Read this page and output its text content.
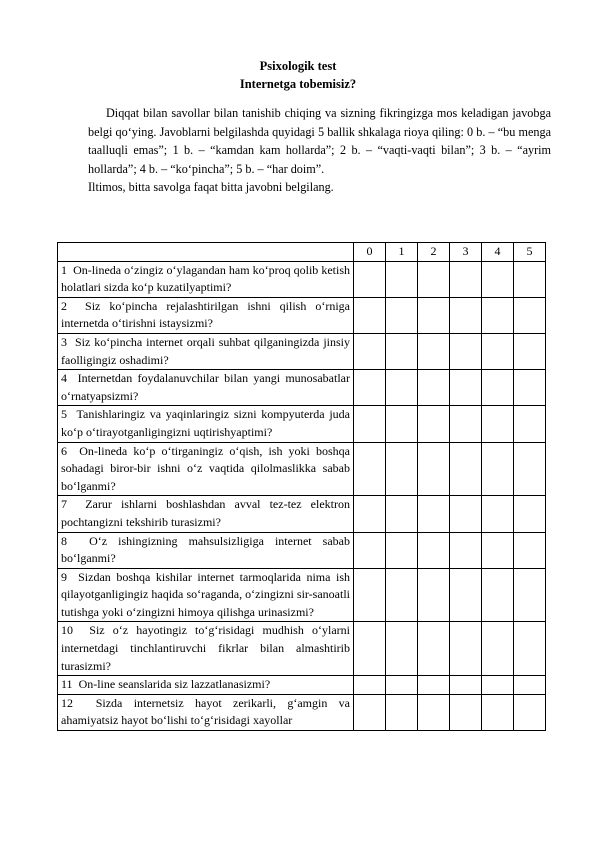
Psixologik test
Internetga tobemisiz?

Diqqat bilan savollar bilan tanishib chiqing va sizning fikringizga mos keladigan javobga belgi qo‘ying. Javoblarni belgilashda quyidagi 5 ballik shkalaga rioya qiling: 0 b. – “bu menga taalluqli emas”; 1 b. – “kamdan kam hollarda”; 2 b. – “vaqti-vaqti bilan”; 3 b. – “ayrim hollarda”; 4 b. – “ko‘pincha”; 5 b. – “har doim”.

Iltimos, bitta savolga faqat bitta javobni belgilang.

	0	1	2	3	4	5
1 On-lineda o‘zingiz o‘ylagandan ham ko‘proq qolib ketish holatlari sizda ko‘p kuzatilyaptimi?						
2 Siz ko‘pincha rejalashtirilgan ishni qilish o‘rniga internetda o‘tirishni istaysizmi?						
3 Siz ko‘pincha internet orqali suhbat qilganingizda jinsiy faolligingiz oshadimi?						
4 Internetdan foydalanuvchilar bilan yangi munosabatlar o‘rnatyapsizmi?						
5 Tanishlaringiz va yaqinlaringiz sizni kompyuterda juda ko‘p o‘tirayotganligingizni uqtirishyaptimi?						
6 On-lineda ko‘p o‘tirganingiz o‘qish, ish yoki boshqa sohadagi biror-bir ishni o‘z vaqtida qilolmaslikka sabab bo‘lganmi?						
7 Zarur ishlarni boshlashdan avval tez-tez elektron pochtangizni tekshirib turasizmi?						
8 O‘z ishingizning mahsulsizligiga internet sabab bo‘lganmi?						
9 Sizdan boshqa kishilar internet tarmoqlarida nima ish qilayotganligingiz haqida so‘raganda, o‘zingizni sir-sanoatli tutishga yoki o‘zingizni himoya qilishga urinasizmi?						
10 Siz o‘z hayotingiz to‘g‘risidagi mudhish o‘ylarni internetdagi tinchlantiruvchi fikrlar bilan almashtirib turasizmi?						
11 On-line seanslarida siz lazzatlanasizmi?						
12 Sizda internetsiz hayot zerikarli, g‘amgin va ahamiyatsiz hayot bo‘lishi to‘g‘risidagi xayollar						
